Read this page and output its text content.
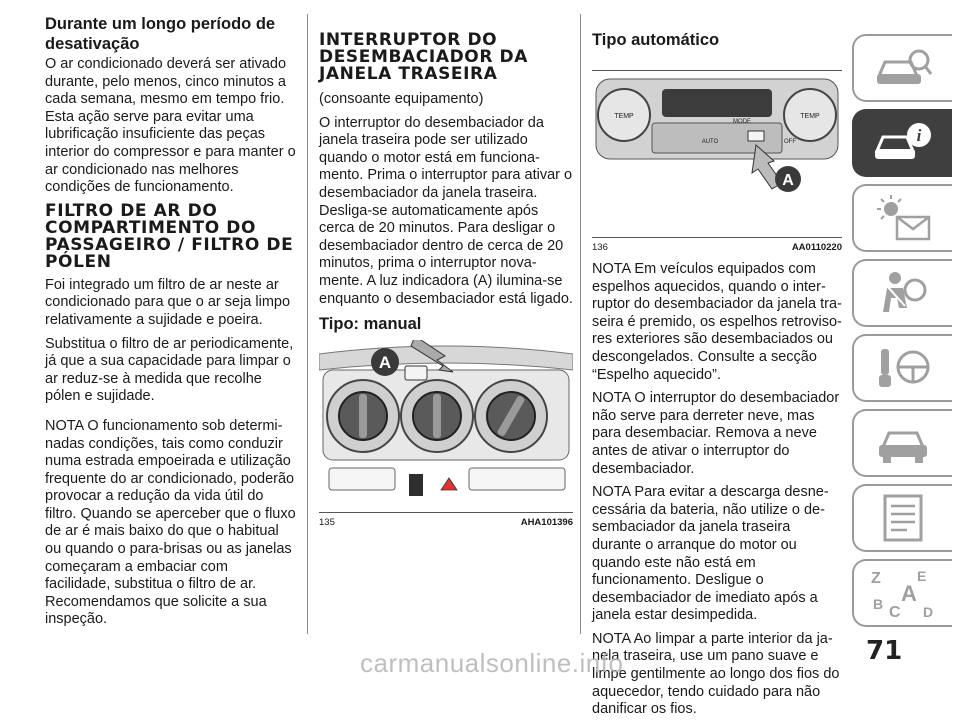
Durante um longo período de desativação

O ar condicionado deverá ser ativado durante, pelo menos, cinco minutos a cada semana, mesmo em tempo frio. Esta ação serve para evitar uma lubrificação insuficiente das peças interior do compressor e para manter o ar condicionado nas melhores condições de funcionamento.

FILTRO DE AR DO COMPARTIMENTO DO PASSAGEIRO / FILTRO DE PÓLEN

Foi integrado um filtro de ar neste ar condicionado para que o ar seja limpo relativamente a sujidade e poeira.

Substitua o filtro de ar periodicamente, já que a sua capacidade para limpar o ar reduz-se à medida que recolhe pólen e sujidade.

NOTA O funcionamento sob determinadas condições, tais como conduzir numa estrada empoeirada e utilização frequente do ar condicionado, poderão provocar a redução da vida útil do filtro. Quando se aperceber que o fluxo de ar é mais baixo do que o habitual ou quando o para-brisas ou as janelas começaram a embaciar com facilidade, substitua o filtro de ar. Recomendamos que solicite a sua inspeção.

INTERRUPTOR DO DESEMBACIADOR DA JANELA TRASEIRA

(consoante equipamento)

O interruptor do desembaciador da janela traseira pode ser utilizado quando o motor está em funcionamento. Prima o interruptor para ativar o desembaciador da janela traseira. Desliga-se automaticamente após cerca de 20 minutos. Para desligar o desembaciador dentro de cerca de 20 minutos, prima o interruptor novamente. A luz indicadora (A) ilumina-se enquanto o desembaciador está ligado.

Tipo: manual
A
135	AHA101396
Tipo automático
TEMP	TEMP
MODE
AUTO	OFF
A
136	AA0110220

NOTA Em veículos equipados com espelhos aquecidos, quando o interruptor do desembaciador da janela traseira é premido, os espelhos retrovisores exteriores são desembaciados ou descongelados. Consulte a secção “Espelho aquecido”.

NOTA O interruptor do desembaciador não serve para derreter neve, mas para desembaciar. Remova a neve antes de ativar o interruptor do desembaciador.

NOTA Para evitar a descarga desnecessária da bateria, não utilize o desembaciador da janela traseira durante o arranque do motor ou quando este não está em funcionamento. Desligue o desembaciador de imediato após a janela estar desimpedida.

NOTA Ao limpar a parte interior da janela traseira, use um pano suave e limpe gentilmente ao longo dos fios do aquecedor, tendo cuidado para não danificar os fios.

i
Z	E
A
B C D
71
carmanualsonline.info
